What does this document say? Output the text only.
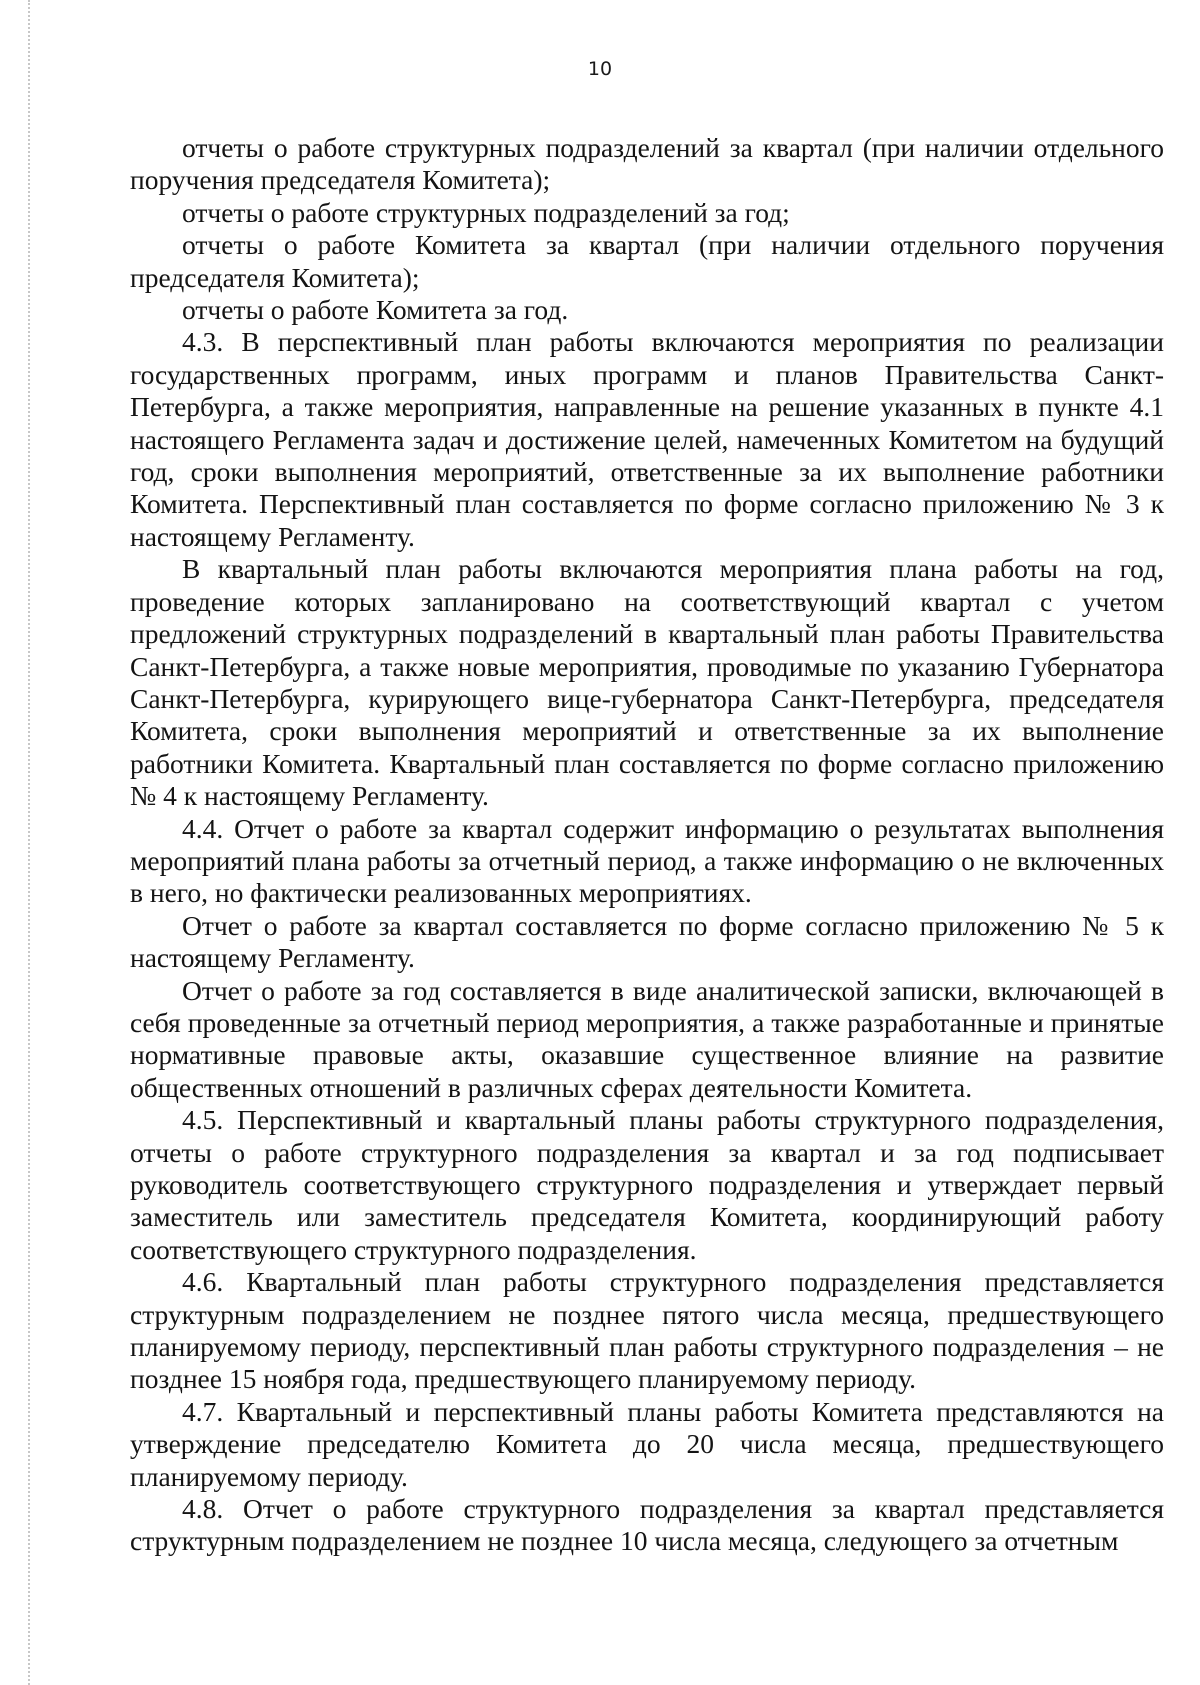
10

отчеты о работе структурных подразделений за квартал (при наличии отдельного поручения председателя Комитета);

отчеты о работе структурных подразделений за год;

отчеты о работе Комитета за квартал (при наличии отдельного поручения председателя Комитета);

отчеты о работе Комитета за год.

4.3. В перспективный план работы включаются мероприятия по реализации государственных программ, иных программ и планов Правительства Санкт-Петербурга, а также мероприятия, направленные на решение указанных в пункте 4.1 настоящего Регламента задач и достижение целей, намеченных Комитетом на будущий год, сроки выполнения мероприятий, ответственные за их выполнение работники Комитета. Перспективный план составляется по форме согласно приложению № 3 к настоящему Регламенту.

В квартальный план работы включаются мероприятия плана работы на год, проведение которых запланировано на соответствующий квартал с учетом предложений структурных подразделений в квартальный план работы Правительства Санкт-Петербурга, а также новые мероприятия, проводимые по указанию Губернатора Санкт-Петербурга, курирующего вице-губернатора Санкт-Петербурга, председателя Комитета, сроки выполнения мероприятий и ответственные за их выполнение работники Комитета. Квартальный план составляется по форме согласно приложению № 4 к настоящему Регламенту.

4.4. Отчет о работе за квартал содержит информацию о результатах выполнения мероприятий плана работы за отчетный период, а также информацию о не включенных в него, но фактически реализованных мероприятиях.

Отчет о работе за квартал составляется по форме согласно приложению № 5 к настоящему Регламенту.

Отчет о работе за год составляется в виде аналитической записки, включающей в себя проведенные за отчетный период мероприятия, а также разработанные и принятые нормативные правовые акты, оказавшие существенное влияние на развитие общественных отношений в различных сферах деятельности Комитета.

4.5. Перспективный и квартальный планы работы структурного подразделения, отчеты о работе структурного подразделения за квартал и за год подписывает руководитель соответствующего структурного подразделения и утверждает первый заместитель или заместитель председателя Комитета, координирующий работу соответствующего структурного подразделения.

4.6. Квартальный план работы структурного подразделения представляется структурным подразделением не позднее пятого числа месяца, предшествующего планируемому периоду, перспективный план работы структурного подразделения – не позднее 15 ноября года, предшествующего планируемому периоду.

4.7. Квартальный и перспективный планы работы Комитета представляются на утверждение председателю Комитета до 20 числа месяца, предшествующего планируемому периоду.

4.8. Отчет о работе структурного подразделения за квартал представляется структурным подразделением не позднее 10 числа месяца, следующего за отчетным
